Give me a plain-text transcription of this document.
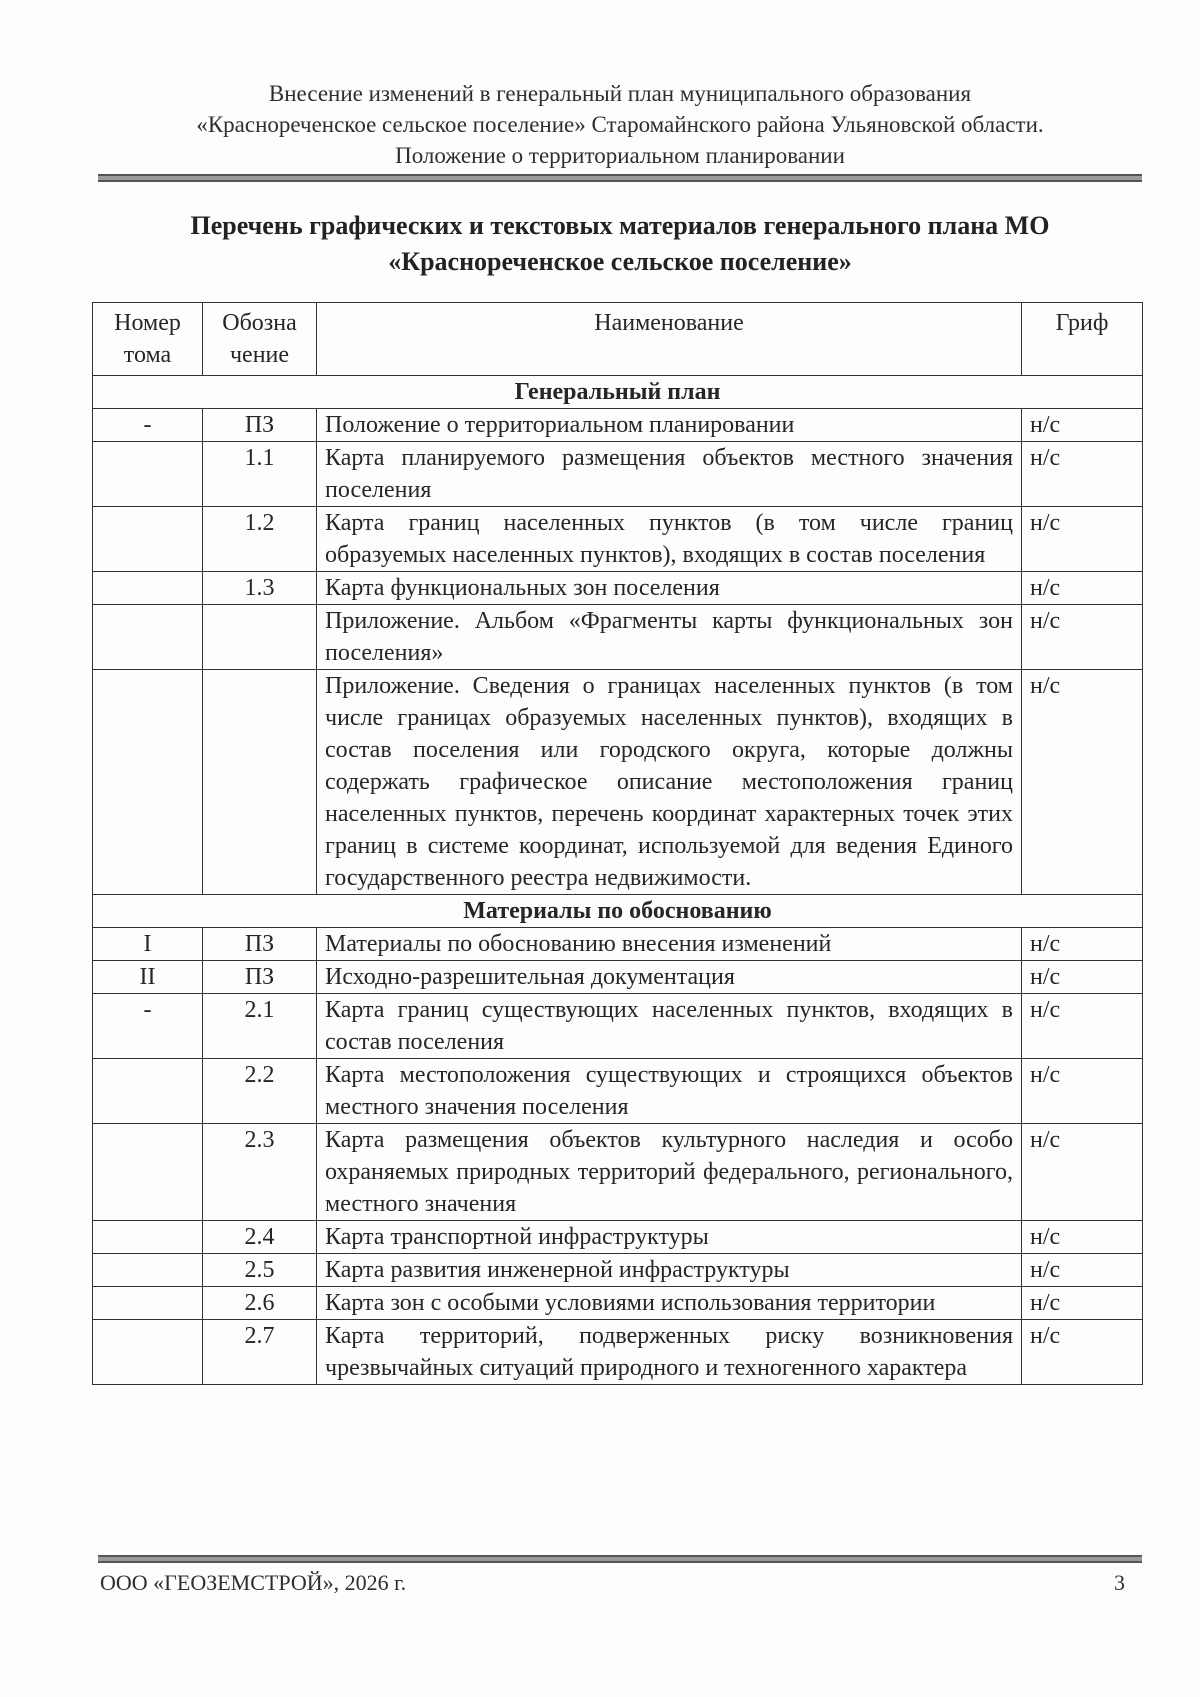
Внесение изменений в генеральный план муниципального образования
«Краснореченское сельское поселение» Старомайнского района Ульяновской области.
Положение о территориальном планировании
Перечень графических и текстовых материалов генерального плана МО
«Краснореченское сельское поселение»
Номер тома	Обозна чение	Наименование	Гриф
Генеральный план			
-	ПЗ	Положение о территориальном планировании	н/с
	1.1	Карта планируемого размещения объектов местного значения поселения	н/с
	1.2	Карта границ населенных пунктов (в том числе границ образуемых населенных пунктов), входящих в состав поселения	н/с
	1.3	Карта функциональных зон поселения	н/с
		Приложение. Альбом «Фрагменты карты функциональных зон поселения»	н/с
		Приложение. Сведения о границах населенных пунктов (в том числе границах образуемых населенных пунктов), входящих в состав поселения или городского округа, которые должны содержать графическое описание местоположения границ населенных пунктов, перечень координат характерных точек этих границ в системе координат, используемой для ведения Единого государственного реестра недвижимости.	н/с
Материалы по обоснованию			
I	ПЗ	Материалы по обоснованию внесения изменений	н/с
II	ПЗ	Исходно-разрешительная документация	н/с
-	2.1	Карта границ существующих населенных пунктов, входящих в состав поселения	н/с
	2.2	Карта местоположения существующих и строящихся объектов местного значения поселения	н/с
	2.3	Карта размещения объектов культурного наследия и особо охраняемых природных территорий федерального, регионального, местного значения	н/с
	2.4	Карта транспортной инфраструктуры	н/с
	2.5	Карта развития инженерной инфраструктуры	н/с
	2.6	Карта зон с особыми условиями использования территории	н/с
	2.7	Карта территорий, подверженных риску возникновения чрезвычайных ситуаций природного и техногенного характера	н/с
ООО «ГЕОЗЕМСТРОЙ», 2026 г.	3
